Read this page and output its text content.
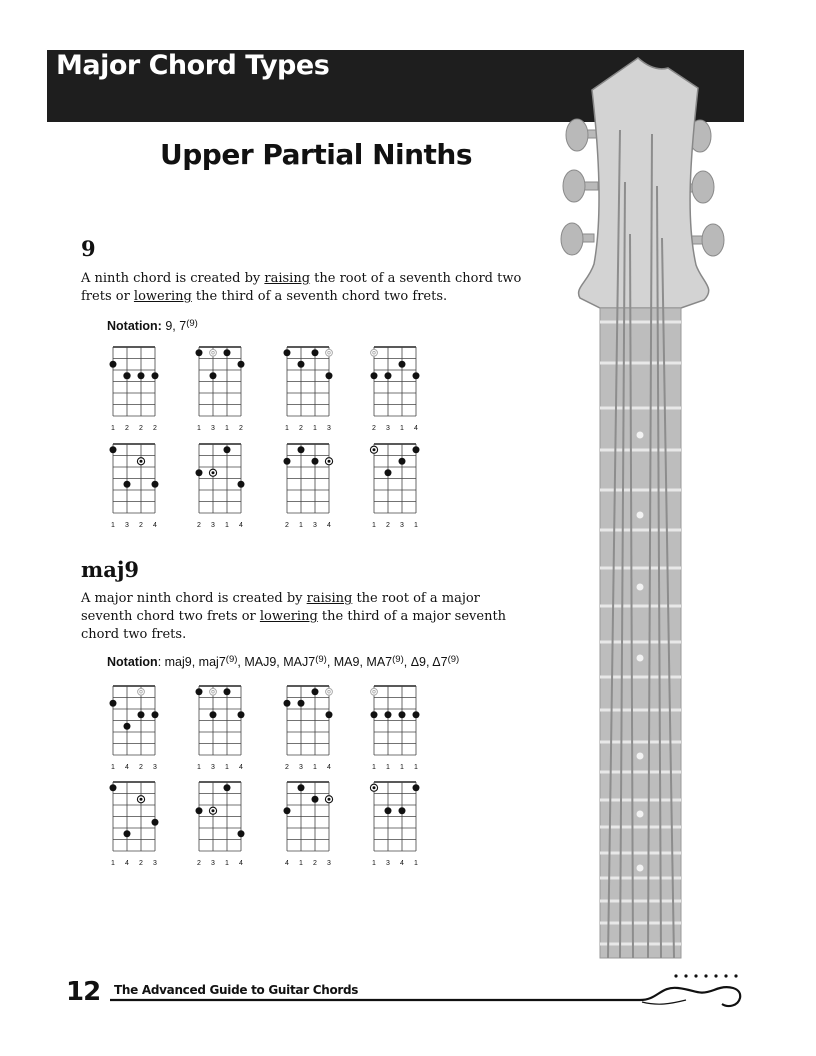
Major Chord Types
Upper Partial Ninths
9
A ninth chord is created by raising the root of a seventh chord two frets or lowering the third of a seventh chord two frets.
Notation: 9, 7$^{(9)}$
1	2	2	2	1	3	1	2	1	2	1	3	2	3	1	4
1	3	2	4	2	3	1	4	2	1	3	4	1	2	3	1
maj9
A major ninth chord is created by raising the root of a major seventh chord two frets or lowering the third of a major seventh chord two frets.
Notation: maj9, maj7$^{(9)}$, MAJ9, MAJ7$^{(9)}$, MA9, MA7$^{(9)}$, Δ9, Δ7$^{(9)}$
1	4	2	3	1	3	1	4	2	3	1	4	1	1	1	1
1	4	2	3	2	3	1	4	4	1	2	3	1	3	4	1
12 The Advanced Guide to Guitar Chords
